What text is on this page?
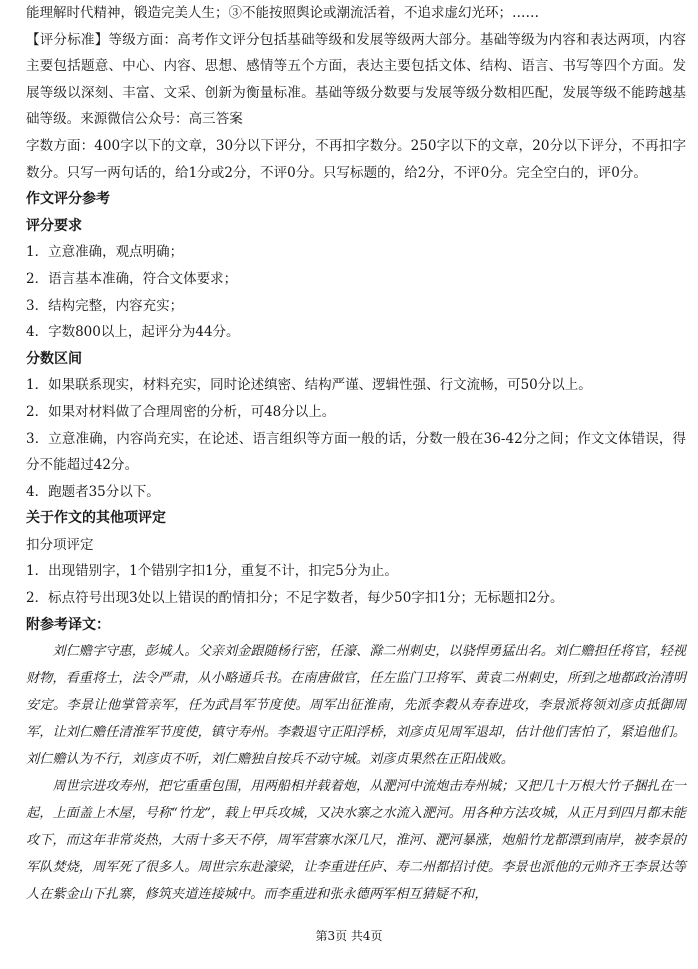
能理解时代精神，锻造完美人生；③不能按照舆论或潮流活着，不追求虚幻光环；……

【评分标准】等级方面：高考作文评分包括基础等级和发展等级两大部分。基础等级为内容和表达两项，内容主要包括题意、中心、内容、思想、感情等五个方面，表达主要包括文体、结构、语言、书写等四个方面。发展等级以深刻、丰富、文采、创新为衡量标准。基础等级分数要与发展等级分数相匹配，发展等级不能跨越基础等级。来源微信公众号：高三答案

字数方面：400字以下的文章，30分以下评分，不再扣字数分。250字以下的文章，20分以下评分，不再扣字数分。只写一两句话的，给1分或2分，不评0分。只写标题的，给2分，不评0分。完全空白的，评0分。

作文评分参考

评分要求

1．立意准确，观点明确；

2．语言基本准确，符合文体要求；

3．结构完整，内容充实；

4．字数800以上，起评分为44分。

分数区间

1．如果联系现实，材料充实，同时论述缜密、结构严谨、逻辑性强、行文流畅，可50分以上。

2．如果对材料做了合理周密的分析，可48分以上。

3．立意准确，内容尚充实，在论述、语言组织等方面一般的话，分数一般在36-42分之间；作文文体错误，得分不能超过42分。

4．跑题者35分以下。

关于作文的其他项评定

扣分项评定

1．出现错别字，1个错别字扣1分，重复不计，扣完5分为止。

2．标点符号出现3处以上错误的酌情扣分；不足字数者，每少50字扣1分；无标题扣2分。

附参考译文：

刘仁赡字守惠，彭城人。父亲刘金跟随杨行密，任濠、滁二州刺史，以骁悍勇猛出名。刘仁赡担任将官，轻视财物，看重将士，法令严肃，从小略通兵书。在南唐做官，任左监门卫将军、黄袁二州刺史，所到之地都政治清明安定。李景让他掌管亲军，任为武昌军节度使。周军出征淮南，先派李穀从寿春进攻，李景派将领刘彦贞抵御周军，让刘仁赡任清淮军节度使，镇守寿州。李穀退守正阳浮桥，刘彦贞见周军退却，估计他们害怕了，紧追他们。刘仁赡认为不行，刘彦贞不听，刘仁赡独自按兵不动守城。刘彦贞果然在正阳战败。

周世宗进攻寿州，把它重重包围，用两船相并载着炮，从淝河中流炮击寿州城；又把几十万根大竹子捆扎在一起，上面盖上木屋，号称“竹龙”，载上甲兵攻城，又决水寨之水流入淝河。用各种方法攻城，从正月到四月都未能攻下，而这年非常炎热，大雨十多天不停，周军营寨水深几尺，淮河、淝河暴涨，炮船竹龙都漂到南岸，被李景的军队焚烧，周军死了很多人。周世宗东赴濠梁，让李重进任庐、寿二州都招讨使。李景也派他的元帅齐王李景达等人在紫金山下扎寨，修筑夹道连接城中。而李重进和张永德两军相互猜疑不和，

第3页 共4页
